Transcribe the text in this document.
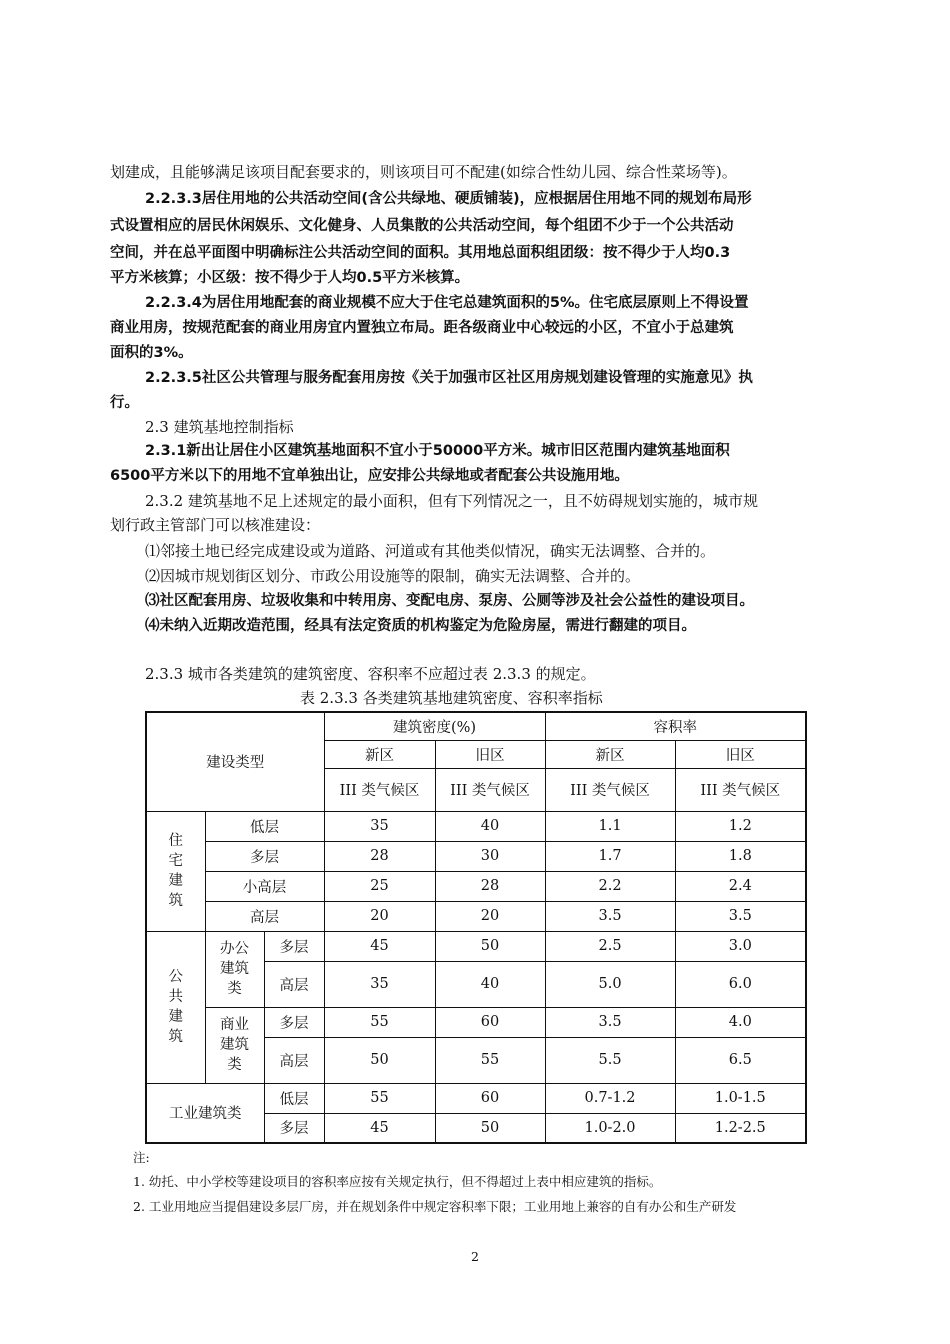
划建成，且能够满足该项目配套要求的，则该项目可不配建(如综合性幼儿园、综合性菜场等)。
2.2.3.3居住用地的公共活动空间(含公共绿地、硬质铺装)，应根据居住用地不同的规划布局形
式设置相应的居民休闲娱乐、文化健身、人员集散的公共活动空间，每个组团不少于一个公共活动
空间，并在总平面图中明确标注公共活动空间的面积。其用地总面积组团级：按不得少于人均0.3
平方米核算；小区级：按不得少于人均0.5平方米核算。
2.2.3.4为居住用地配套的商业规模不应大于住宅总建筑面积的5%。住宅底层原则上不得设置
商业用房，按规范配套的商业用房宜内置独立布局。距各级商业中心较远的小区，不宜小于总建筑
面积的3%。
2.2.3.5社区公共管理与服务配套用房按《关于加强市区社区用房规划建设管理的实施意见》执
行。
2.3 建筑基地控制指标
2.3.1新出让居住小区建筑基地面积不宜小于50000平方米。城市旧区范围内建筑基地面积
6500平方米以下的用地不宜单独出让，应安排公共绿地或者配套公共设施用地。
2.3.2 建筑基地不足上述规定的最小面积，但有下列情况之一，且不妨碍规划实施的，城市规
划行政主管部门可以核准建设：
⑴邻接土地已经完成建设或为道路、河道或有其他类似情况，确实无法调整、合并的。
⑵因城市规划街区划分、市政公用设施等的限制，确实无法调整、合并的。
⑶社区配套用房、垃圾收集和中转用房、变配电房、泵房、公厕等涉及社会公益性的建设项目。
⑷未纳入近期改造范围，经具有法定资质的机构鉴定为危险房屋，需进行翻建的项目。
2.3.3 城市各类建筑的建筑密度、容积率不应超过表 2.3.3 的规定。
表 2.3.3 各类建筑基地建筑密度、容积率指标
建设类型			建筑密度(%)		容积率	
			新区	旧区	新区	旧区
			III 类气候区	III 类气候区	III 类气候区	III 类气候区
住宅建筑	低层		35	40	1.1	1.2
	多层		28	30	1.7	1.8
	小高层		25	28	2.2	2.4
	高层		20	20	3.5	3.5
公共建筑	办公建筑类	多层	45	50	2.5	3.0
		高层	35	40	5.0	6.0
	商业建筑类	多层	55	60	3.5	4.0
		高层	50	55	5.5	6.5
工业建筑类		低层	55	60	0.7-1.2	1.0-1.5
		多层	45	50	1.0-2.0	1.2-2.5
注:
1. 幼托、中小学校等建设项目的容积率应按有关规定执行，但不得超过上表中相应建筑的指标。
2. 工业用地应当提倡建设多层厂房，并在规划条件中规定容积率下限；工业用地上兼容的自有办公和生产研发
2
